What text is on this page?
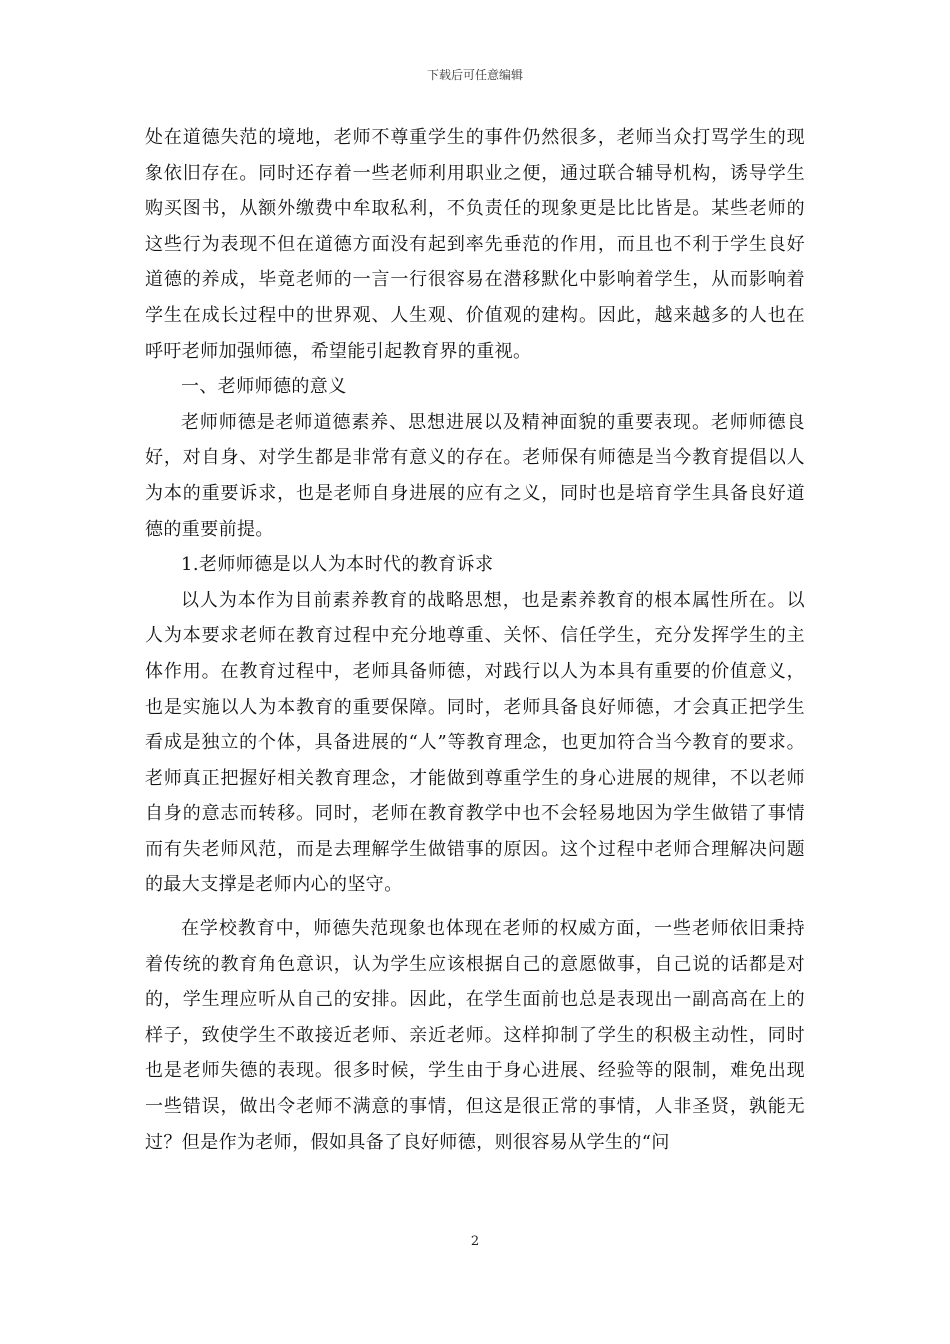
下载后可任意编辑

处在道德失范的境地，老师不尊重学生的事件仍然很多，老师当众打骂学生的现象依旧存在。同时还存着一些老师利用职业之便，通过联合辅导机构，诱导学生购买图书，从额外缴费中牟取私利，不负责任的现象更是比比皆是。某些老师的这些行为表现不但在道德方面没有起到率先垂范的作用，而且也不利于学生良好道德的养成，毕竟老师的一言一行很容易在潜移默化中影响着学生，从而影响着学生在成长过程中的世界观、人生观、价值观的建构。因此，越来越多的人也在呼吁老师加强师德，希望能引起教育界的重视。

一、老师师德的意义

老师师德是老师道德素养、思想进展以及精神面貌的重要表现。老师师德良好，对自身、对学生都是非常有意义的存在。老师保有师德是当今教育提倡以人为本的重要诉求，也是老师自身进展的应有之义，同时也是培育学生具备良好道德的重要前提。

1.老师师德是以人为本时代的教育诉求

以人为本作为目前素养教育的战略思想，也是素养教育的根本属性所在。以人为本要求老师在教育过程中充分地尊重、关怀、信任学生，充分发挥学生的主体作用。在教育过程中，老师具备师德，对践行以人为本具有重要的价值意义，也是实施以人为本教育的重要保障。同时，老师具备良好师德，才会真正把学生看成是独立的个体，具备进展的“人”等教育理念，也更加符合当今教育的要求。老师真正把握好相关教育理念，才能做到尊重学生的身心进展的规律，不以老师自身的意志而转移。同时，老师在教育教学中也不会轻易地因为学生做错了事情而有失老师风范，而是去理解学生做错事的原因。这个过程中老师合理解决问题的最大支撑是老师内心的坚守。

在学校教育中，师德失范现象也体现在老师的权威方面，一些老师依旧秉持着传统的教育角色意识，认为学生应该根据自己的意愿做事，自己说的话都是对的，学生理应听从自己的安排。因此，在学生面前也总是表现出一副高高在上的样子，致使学生不敢接近老师、亲近老师。这样抑制了学生的积极主动性，同时也是老师失德的表现。很多时候，学生由于身心进展、经验等的限制，难免出现一些错误，做出令老师不满意的事情，但这是很正常的事情，人非圣贤，孰能无过？但是作为老师，假如具备了良好师德，则很容易从学生的“问

2
